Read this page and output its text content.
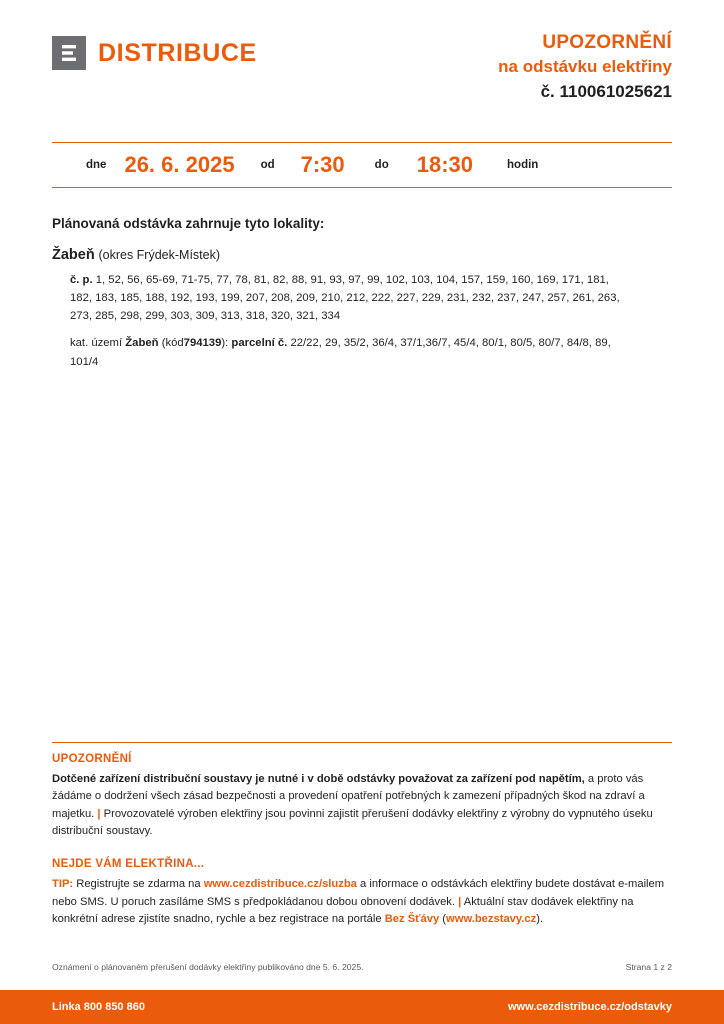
DISTRIBUCE	UPOZORNĚNÍ
na odstávku elektřiny
č. 110061025621
dne 26. 6. 2025 od 7:30	do 18:30	hodin
Plánovaná odstávka zahrnuje tyto lokality:
Žabeň (okres Frýdek-Místek)
č. p. 1, 52, 56, 65-69, 71-75, 77, 78, 81, 82, 88, 91, 93, 97, 99, 102, 103, 104, 157, 159, 160, 169, 171, 181, 182, 183, 185, 188, 192, 193, 199, 207, 208, 209, 210, 212, 222, 227, 229, 231, 232, 237, 247, 257, 261, 263, 273, 285, 298, 299, 303, 309, 313, 318, 320, 321, 334
kat. území Žabeň (kód794139): parcelní č. 22/22, 29, 35/2, 36/4, 37/1,36/7, 45/4, 80/1, 80/5, 80/7, 84/8, 89, 101/4
UPOZORNĚNÍ
Dotčené zařízení distribuční soustavy je nutné i v době odstávky považovat za zařízení pod napětím, a proto vás žádáme o dodržení všech zásad bezpečnosti a provedení opatření potřebných k zamezení případných škod na zdraví a majetku. | Provozovatelé výroben elektřiny jsou povinni zajistit přerušení dodávky elektřiny z výrobny do vypnutého úseku distribuční soustavy.
NEJDE VÁM ELEKTŘINA...
TIP: Registrujte se zdarma na www.cezdistribuce.cz/sluzba a informace o odstávkách elektřiny budete dostávat e-mailem nebo SMS. U poruch zasíláme SMS s předpokládanou dobou obnovení dodávek. | Aktuální stav dodávek elektřiny na konkrétní adrese zjistíte snadno, rychle a bez registrace na portále Bez Šťávy (www.bezstavy.cz).
Oznámení o plánovaném přerušení dodávky elektřiny publikováno dne 5. 6. 2025.	Strana 1 z 2
Linka 800 850 860	www.cezdistribuce.cz/odstavky
